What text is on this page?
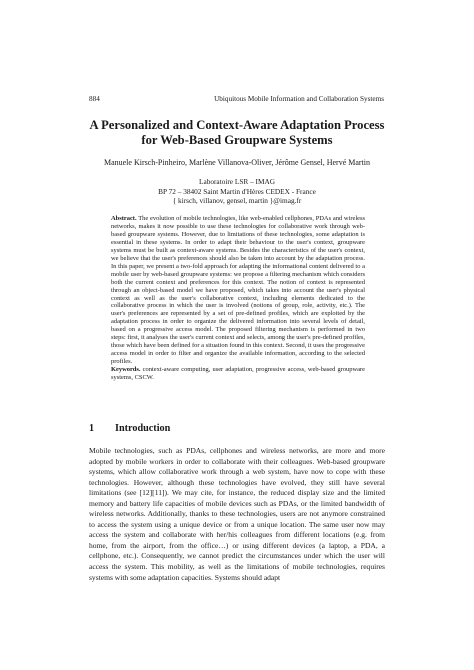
884	Ubiquitous Mobile Information and Collaboration Systems
A Personalized and Context-Aware Adaptation Process
for Web-Based Groupware Systems
Manuele Kirsch-Pinheiro, Marlène Villanova-Oliver, Jérôme Gensel, Hervé Martin
Laboratoire LSR – IMAG
BP 72 – 38402 Saint Martin d'Hères CEDEX - France
{ kirsch, villanov, gensel, martin }@imag.fr
Abstract. The evolution of mobile technologies, like web-enabled cellphones, PDAs and wireless networks, makes it now possible to use these technologies for collaborative work through web-based groupware systems. However, due to limitations of these technologies, some adaptation is essential in these systems. In order to adapt their behaviour to the user's context, groupware systems must be built as context-aware systems. Besides the characteristics of the user's context, we believe that the user's preferences should also be taken into account by the adaptation process. In this paper, we present a two-fold approach for adapting the informational content delivered to a mobile user by web-based groupware systems: we propose a filtering mechanism which considers both the current context and preferences for this context. The notion of context is represented through an object-based model we have proposed, which takes into account the user's physical context as well as the user's collaborative context, including elements dedicated to the collaborative process in which the user is involved (notions of group, role, activity, etc.). The user's preferences are represented by a set of pre-defined profiles, which are exploited by the adaptation process in order to organize the delivered information into several levels of detail, based on a progressive access model. The proposed filtering mechanism is performed in two steps: first, it analyses the user's current context and selects, among the user's pre-defined profiles, those which have been defined for a situation found in this context. Second, it uses the progressive access model in order to filter and organize the available information, according to the selected profiles.
Keywords. context-aware computing, user adaptation, progressive access, web-based groupware systems, CSCW.
1 Introduction
Mobile technologies, such as PDAs, cellphones and wireless networks, are more and more adopted by mobile workers in order to collaborate with their colleagues. Web-based groupware systems, which allow collaborative work through a web system, have now to cope with these technologies. However, although these technologies have evolved, they still have several limitations (see [12][11]). We may cite, for instance, the reduced display size and the limited memory and battery life capacities of mobile devices such as PDAs, or the limited bandwidth of wireless networks. Additionally, thanks to these technologies, users are not anymore constrained to access the system using a unique device or from a unique location. The same user now may access the system and collaborate with her/his colleagues from different locations (e.g. from home, from the airport, from the office…) or using different devices (a laptop, a PDA, a cellphone, etc.). Consequently, we cannot predict the circumstances under which the user will access the system. This mobility, as well as the limitations of mobile technologies, requires systems with some adaptation capacities. Systems should adapt
